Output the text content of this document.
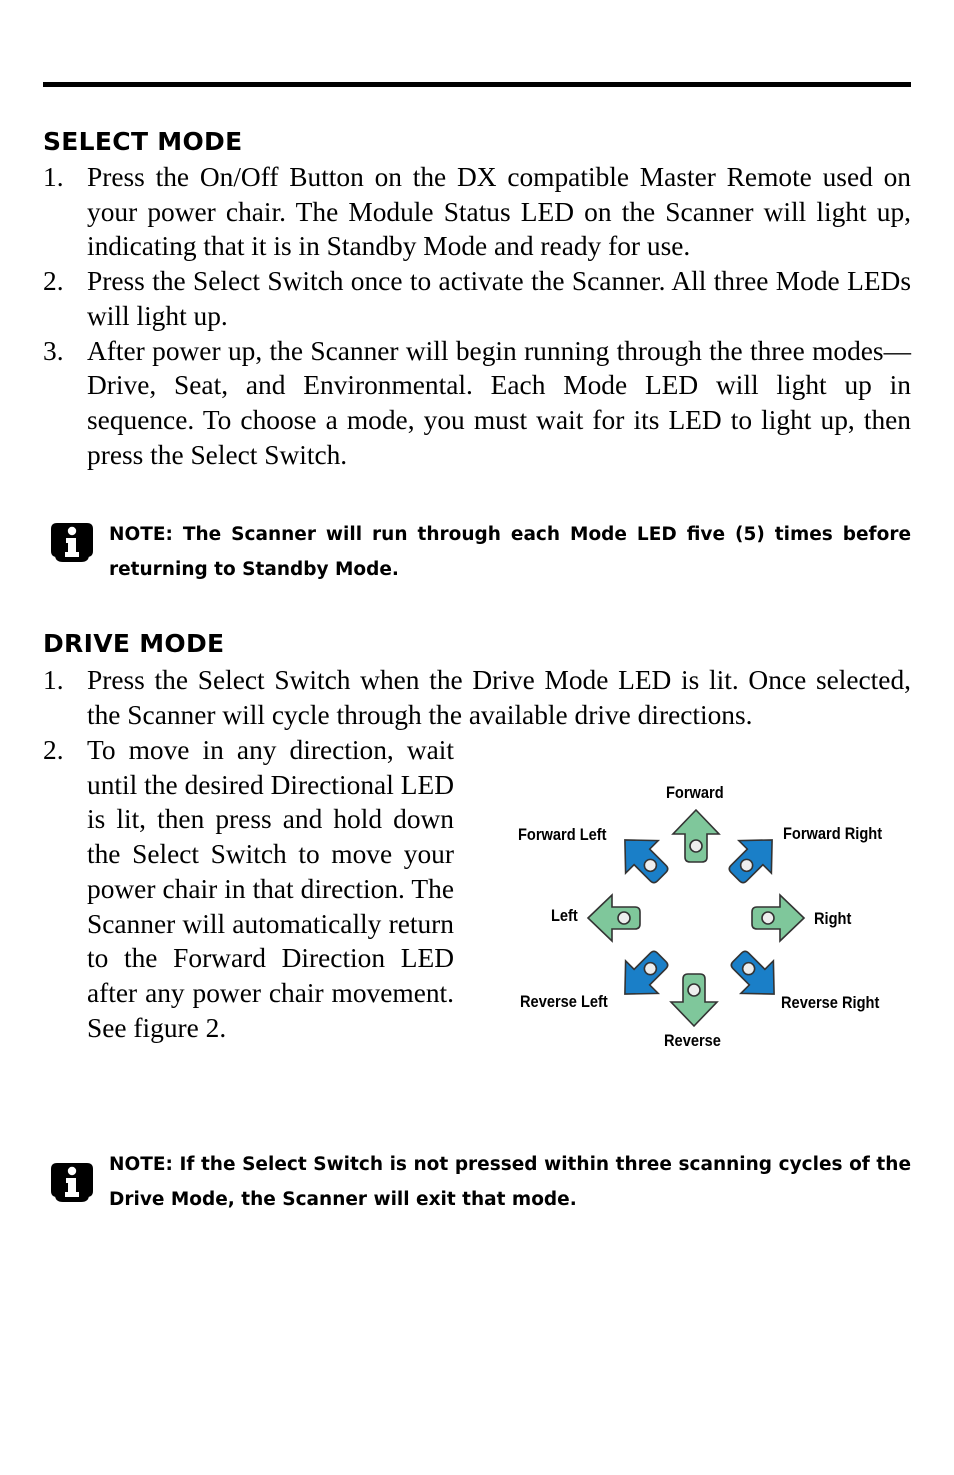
SELECT MODE
1. Press the On/Off Button on the DX compatible Master Remote used on your power chair. The Module Status LED on the Scanner will light up, indicating that it is in Standby Mode and ready for use.
2. Press the Select Switch once to activate the Scanner. All three Mode LEDs will light up.
3. After power up, the Scanner will begin running through the three modes—Drive, Seat, and Environmental. Each Mode LED will light up in sequence. To choose a mode, you must wait for its LED to light up, then press the Select Switch.
NOTE: The Scanner will run through each Mode LED five (5) times before returning to Standby Mode.
DRIVE MODE
1. Press the Select Switch when the Drive Mode LED is lit. Once selected, the Scanner will cycle through the available drive directions.
2. To move in any direction, wait until the desired Directional LED is lit, then press and hold down the Select Switch to move your power chair in that direction. The Scanner will automatically return to the Forward Direction LED after any power chair movement. See figure 2.
Forward
Forward Left	Forward Right
Left	Right
Reverse Left	Reverse Right
Reverse
NOTE: If the Select Switch is not pressed within three scanning cycles of the Drive Mode, the Scanner will exit that mode.
